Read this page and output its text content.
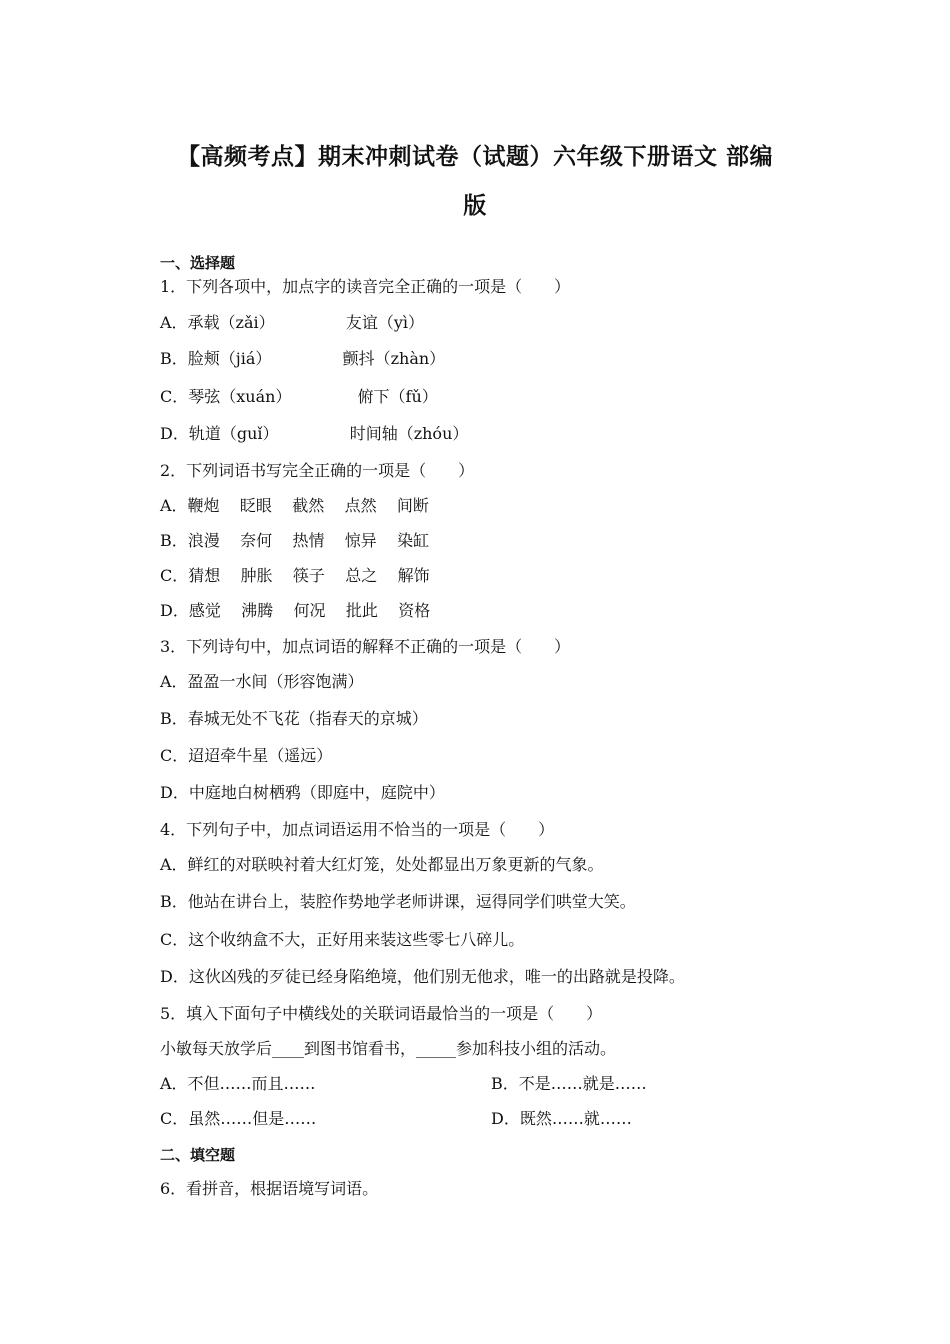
【高频考点】期末冲刺试卷（试题）六年级下册语文 部编
版
一、选择题
1．下列各项中，加点字的读音完全正确的一项是（　　）
A．承载（zǎi）              友谊（yì）
B．脸颊（jiá）              颤抖（zhàn）
C．琴弦（xuán）             俯下（fǔ）
D．轨道（guǐ）              时间轴（zhóu）
2．下列词语书写完全正确的一项是（　　）
A．鞭炮    眨眼    截然    点然    间断
B．浪漫    奈何    热情    惊异    染缸
C．猜想    肿胀    筷子    总之    解饰
D．感觉    沸腾    何况    批此    资格
3．下列诗句中，加点词语的解释不正确的一项是（　　）
A．盈盈一水间（形容饱满）
B．春城无处不飞花（指春天的京城）
C．迢迢牵牛星（遥远）
D．中庭地白树栖鸦（即庭中，庭院中）
4．下列句子中，加点词语运用不恰当的一项是（　　）
A．鲜红的对联映衬着大红灯笼，处处都显出万象更新的气象。
B．他站在讲台上，装腔作势地学老师讲课，逗得同学们哄堂大笑。
C．这个收纳盒不大，正好用来装这些零七八碎儿。
D．这伙凶残的歹徒已经身陷绝境，他们别无他求，唯一的出路就是投降。
5．填入下面句子中横线处的关联词语最恰当的一项是（　　）
小敏每天放学后____到图书馆看书，_____参加科技小组的活动。
A．不但……而且……	B．不是……就是……
C．虽然……但是……	D．既然……就……
二、填空题
6．看拼音，根据语境写词语。
